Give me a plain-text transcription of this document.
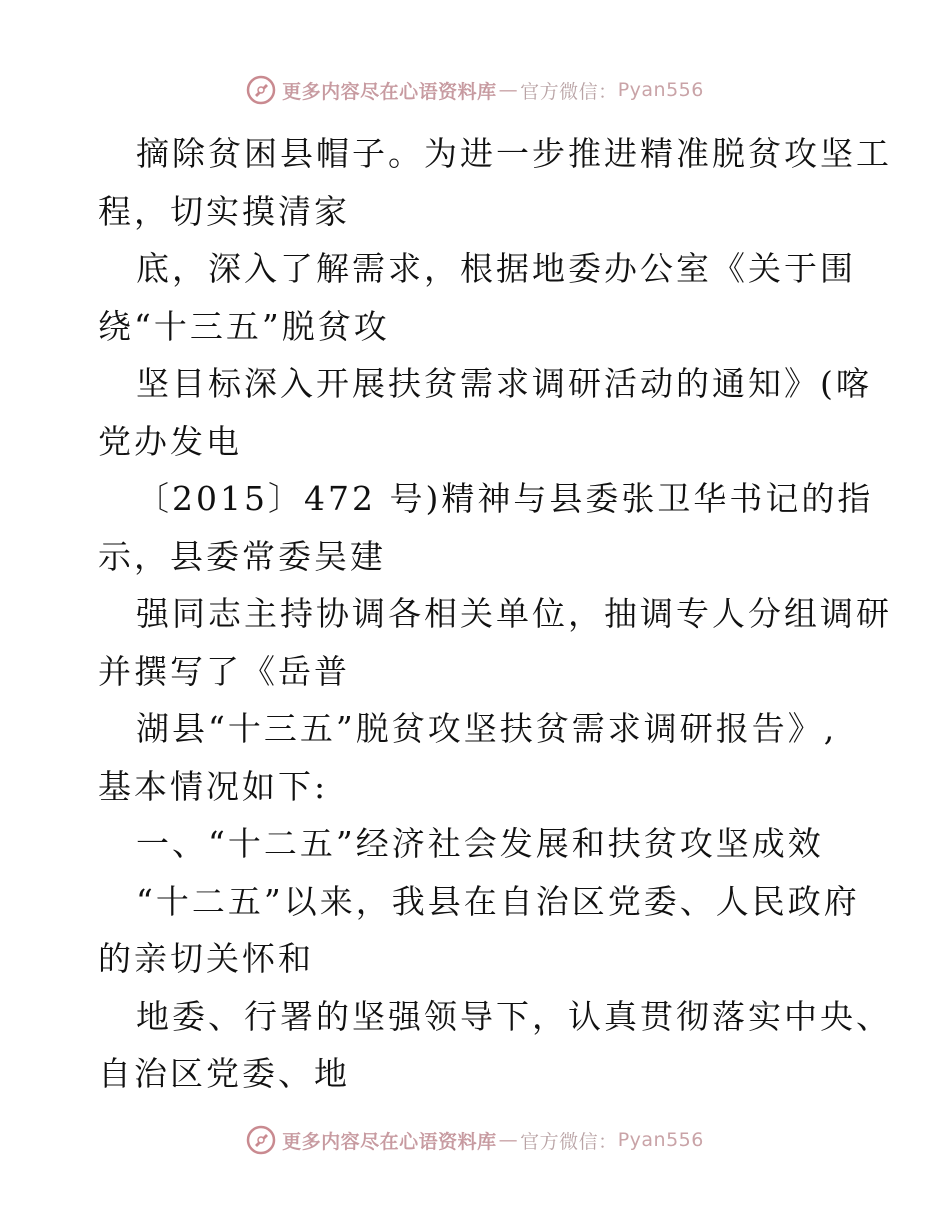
更多内容尽在心语资料库 — 官方微信： Pyan556
摘除贫困县帽子。为进一步推进精准脱贫攻坚工
程，切实摸清家
底，深入了解需求，根据地委办公室《关于围
绕“十三五”脱贫攻
坚目标深入开展扶贫需求调研活动的通知》(喀
党办发电
〔2015〕472 号)精神与县委张卫华书记的指
示，县委常委吴建
强同志主持协调各相关单位，抽调专人分组调研
并撰写了《岳普
湖县“十三五”脱贫攻坚扶贫需求调研报告》,
基本情况如下:
一、“十二五”经济社会发展和扶贫攻坚成效
“十二五”以来，我县在自治区党委、人民政府
的亲切关怀和
地委、行署的坚强领导下，认真贯彻落实中央、
自治区党委、地
更多内容尽在心语资料库 — 官方微信： Pyan556
